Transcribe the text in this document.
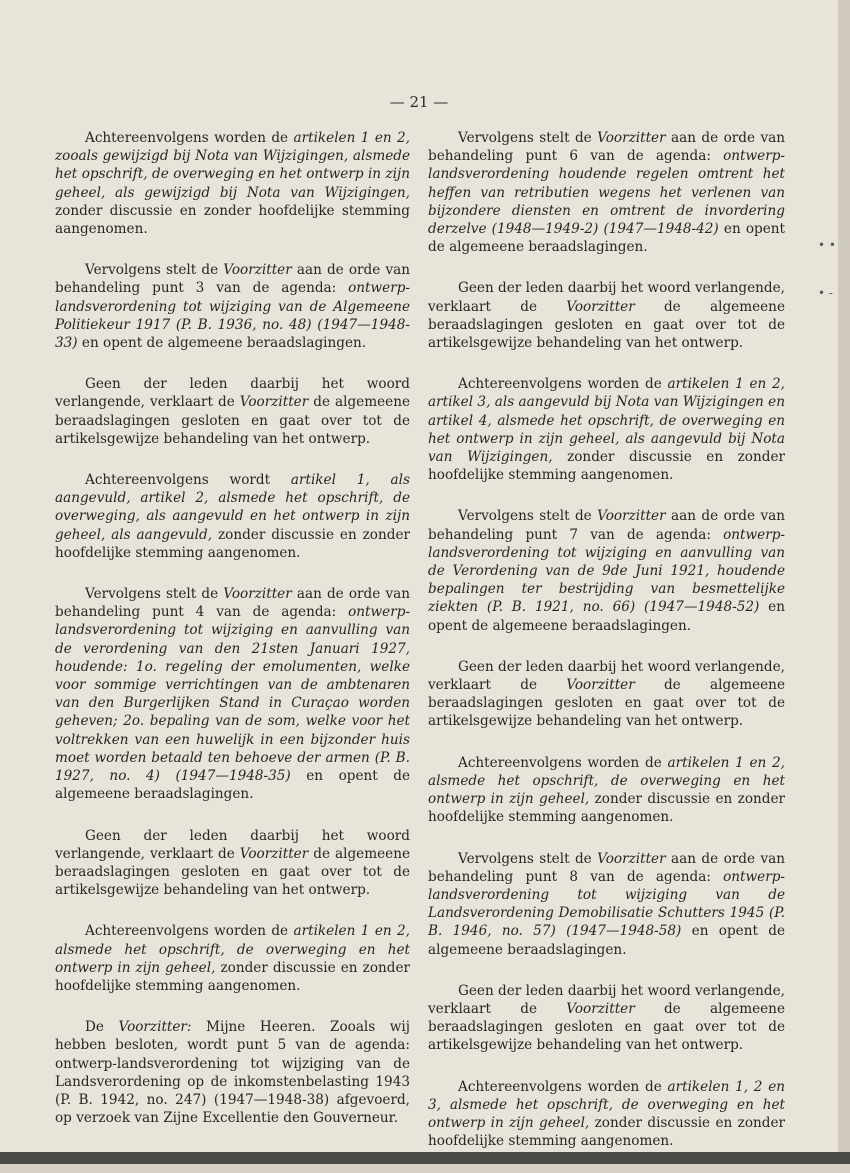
— 21 —

Achtereenvolgens worden de artikelen 1 en 2, zooals gewijzigd bij Nota van Wijzigingen, alsmede het opschrift, de overweging en het ontwerp in zijn geheel, als gewijzigd bij Nota van Wijzigingen, zonder discussie en zonder hoofdelijke stemming aangenomen.

Vervolgens stelt de Voorzitter aan de orde van behandeling punt 3 van de agenda: ontwerp-landsverordening tot wijziging van de Algemeene Politiekeur 1917 (P. B. 1936, no. 48) (1947—1948-33) en opent de algemeene beraadslagingen.

Geen der leden daarbij het woord verlangende, verklaart de Voorzitter de algemeene beraadslagingen gesloten en gaat over tot de artikelsgewijze behandeling van het ontwerp.

Achtereenvolgens wordt artikel 1, als aangevuld, artikel 2, alsmede het opschrift, de overweging, als aangevuld en het ontwerp in zijn geheel, als aangevuld, zonder discussie en zonder hoofdelijke stemming aangenomen.

Vervolgens stelt de Voorzitter aan de orde van behandeling punt 4 van de agenda: ontwerp-landsverordening tot wijziging en aanvulling van de verordening van den 21sten Januari 1927, houdende: 1o. regeling der emolumenten, welke voor sommige verrichtingen van de ambtenaren van den Burgerlijken Stand in Curaçao worden geheven; 2o. bepaling van de som, welke voor het voltrekken van een huwelijk in een bijzonder huis moet worden betaald ten behoeve der armen (P. B. 1927, no. 4) (1947—1948-35) en opent de algemeene beraadslagingen.

Geen der leden daarbij het woord verlangende, verklaart de Voorzitter de algemeene beraadslagingen gesloten en gaat over tot de artikelsgewijze behandeling van het ontwerp.

Achtereenvolgens worden de artikelen 1 en 2, alsmede het opschrift, de overweging en het ontwerp in zijn geheel, zonder discussie en zonder hoofdelijke stemming aangenomen.

De Voorzitter: Mijne Heeren. Zooals wij hebben besloten, wordt punt 5 van de agenda: ontwerp-landsverordening tot wijziging van de Landsverordening op de inkomstenbelasting 1943 (P. B. 1942, no. 247) (1947—1948-38) afgevoerd, op verzoek van Zijne Excellentie den Gouverneur.

Vervolgens stelt de Voorzitter aan de orde van behandeling punt 6 van de agenda: ontwerp-landsverordening houdende regelen omtrent het heffen van retributien wegens het verlenen van bijzondere diensten en omtrent de invordering derzelve (1948—1949-2) (1947—1948-42) en opent de algemeene beraadslagingen.

Geen der leden daarbij het woord verlangende, verklaart de Voorzitter de algemeene beraadslagingen gesloten en gaat over tot de artikelsgewijze behandeling van het ontwerp.

Achtereenvolgens worden de artikelen 1 en 2, artikel 3, als aangevuld bij Nota van Wijzigingen en artikel 4, alsmede het opschrift, de overweging en het ontwerp in zijn geheel, als aangevuld bij Nota van Wijzigingen, zonder discussie en zonder hoofdelijke stemming aangenomen.

Vervolgens stelt de Voorzitter aan de orde van behandeling punt 7 van de agenda: ontwerp-landsverordening tot wijziging en aanvulling van de Verordening van de 9de Juni 1921, houdende bepalingen ter bestrijding van besmettelijke ziekten (P. B. 1921, no. 66) (1947—1948-52) en opent de algemeene beraadslagingen.

Geen der leden daarbij het woord verlangende, verklaart de Voorzitter de algemeene beraadslagingen gesloten en gaat over tot de artikelsgewijze behandeling van het ontwerp.

Achtereenvolgens worden de artikelen 1 en 2, alsmede het opschrift, de overweging en het ontwerp in zijn geheel, zonder discussie en zonder hoofdelijke stemming aangenomen.

Vervolgens stelt de Voorzitter aan de orde van behandeling punt 8 van de agenda: ontwerp-landsverordening tot wijziging van de Landsverordening Demobilisatie Schutters 1945 (P. B. 1946, no. 57) (1947—1948-58) en opent de algemeene beraadslagingen.

Geen der leden daarbij het woord verlangende, verklaart de Voorzitter de algemeene beraadslagingen gesloten en gaat over tot de artikelsgewijze behandeling van het ontwerp.

Achtereenvolgens worden de artikelen 1, 2 en 3, alsmede het opschrift, de overweging en het ontwerp in zijn geheel, zonder discussie en zonder hoofdelijke stemming aangenomen.

• •
• -
